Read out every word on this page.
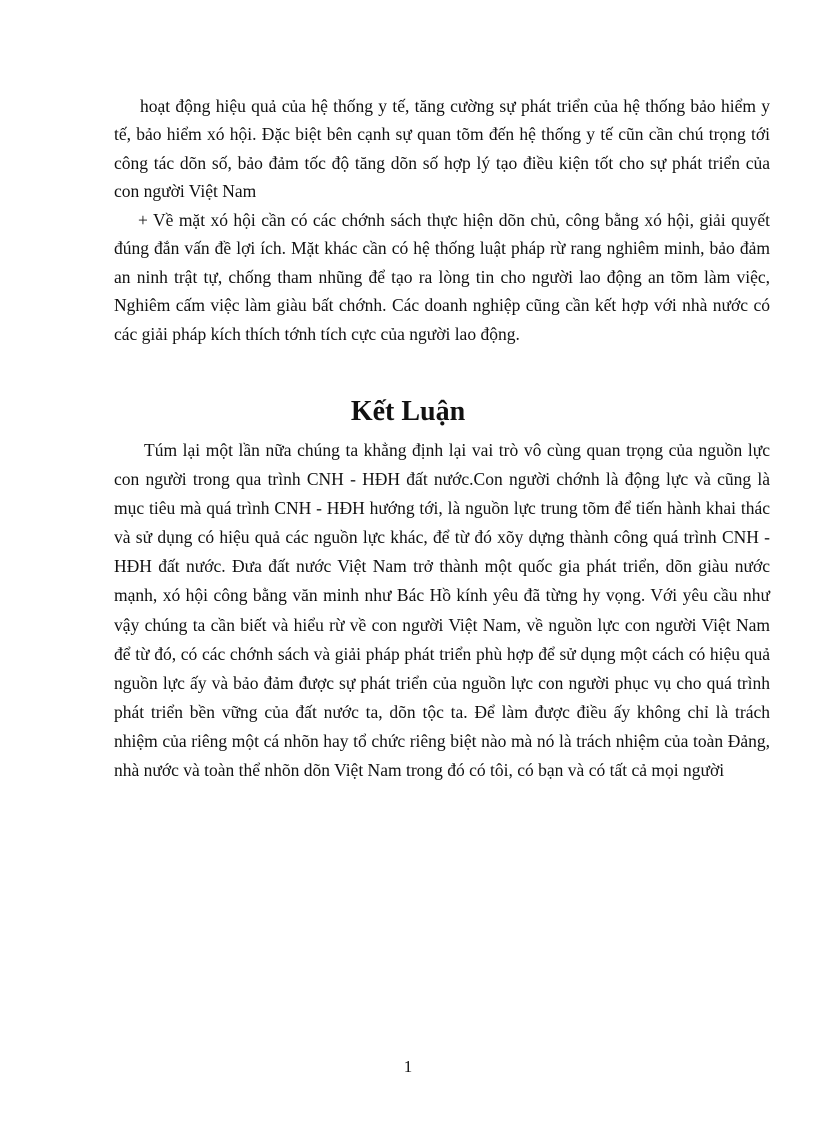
hoạt động hiệu quả của hệ thống y tế, tăng cường sự phát triển của hệ thống bảo hiểm y tế, bảo hiểm xó hội. Đặc biệt bên cạnh sự quan tõm đến hệ thống y tế cũn cần chú trọng tới công tác dõn số, bảo đảm tốc độ tăng dõn số hợp lý tạo điều kiện tốt cho sự phát triển của con người Việt Nam

+ Về mặt xó hội cần có các chớnh sách thực hiện dõn chủ, công bằng xó hội, giải quyết đúng đắn vấn đề lợi ích. Mặt khác cần có hệ thống luật pháp rừ rang nghiêm minh, bảo đảm an ninh trật tự, chống tham nhũng để tạo ra lòng tin cho người lao động an tõm làm việc, Nghiêm cấm việc làm giàu bất chớnh. Các doanh nghiệp cũng cần kết hợp với nhà nước có các giải pháp kích thích tớnh tích cực của người lao động.

Kết Luận

Túm lại một lần nữa chúng ta khẳng định lại vai trò vô cùng quan trọng của nguồn lực con người trong qua trình CNH - HĐH đất nước.Con người chớnh là động lực và cũng là mục tiêu mà quá trình CNH - HĐH hướng tới, là nguồn lực trung tõm để tiến hành khai thác và sử dụng có hiệu quả các nguồn lực khác, để từ đó xõy dựng thành công quá trình CNH - HĐH đất nước. Đưa đất nước Việt Nam trở thành một quốc gia phát triển, dõn giàu nước mạnh, xó hội công bằng văn minh như Bác Hồ kính yêu đã từng hy vọng. Với yêu cầu như vậy chúng ta cần biết và hiểu rừ về con người Việt Nam, về nguồn lực con người Việt Nam để từ đó, có các chớnh sách và giải pháp phát triển phù hợp để sử dụng một cách có hiệu quả nguồn lực ấy và bảo đảm được sự phát triển của nguồn lực con người phục vụ cho quá trình phát triển bền vững của đất nước ta, dõn tộc ta. Để làm được điều ấy không chỉ là trách nhiệm của riêng một cá nhõn hay tổ chức riêng biệt nào mà nó là trách nhiệm của toàn Đảng, nhà nước và toàn thể nhõn dõn Việt Nam trong đó có tôi, có bạn và có tất cả mọi người

1
